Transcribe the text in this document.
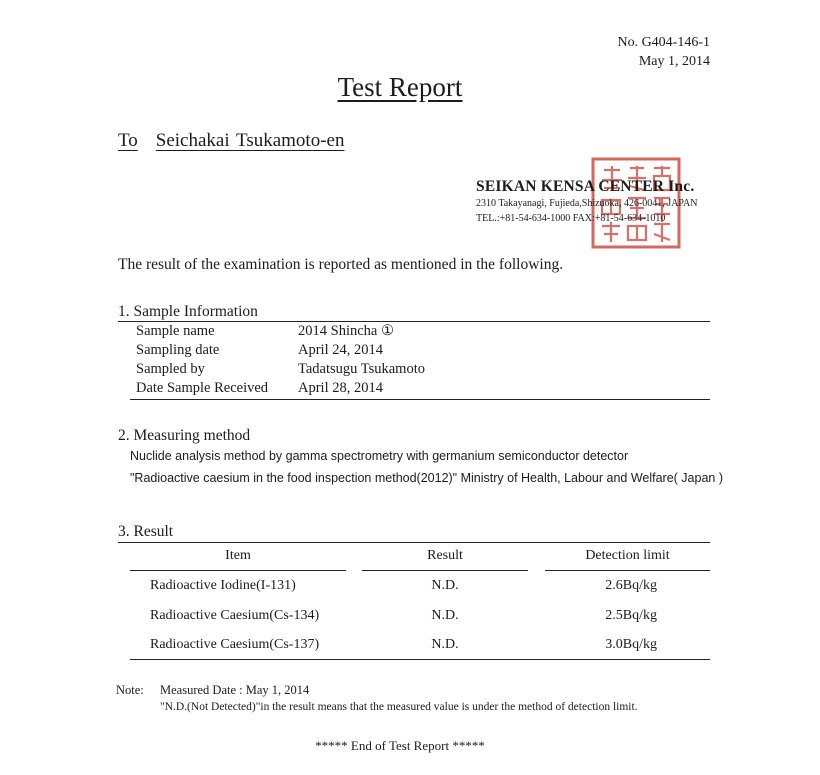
No. G404-146-1
May 1, 2014
Test Report
To Seichakai Tsukamoto-en
SEIKAN KENSA CENTER Inc.
2310 Takayanagi, Fujieda,Shizuoka, 426-0041, JAPAN
TEL.:+81-54-634-1000 FAX:+81-54-634-1010
The result of the examination is reported as mentioned in the following.
1. Sample Information
Sample name	2014 Shincha ①
Sampling date	April 24, 2014
Sampled by	Tadatsugu Tsukamoto
Date Sample Received April 28, 2014
2. Measuring method
Nuclide analysis method by gamma spectrometry with germanium semiconductor detector
"Radioactive caesium in the food inspection method(2012)" Ministry of Health, Labour and Welfare( Japan )
3. Result
Item	Result	Detection limit
Radioactive Iodine(I-131)	N.D.	2.6Bq/kg
Radioactive Caesium(Cs-134)	N.D.	2.5Bq/kg
Radioactive Caesium(Cs-137)	N.D.	3.0Bq/kg
Note: Measured Date : May 1, 2014
"N.D.(Not Detected)"in the result means that the measured value is under the method of detection limit.
***** End of Test Report *****
